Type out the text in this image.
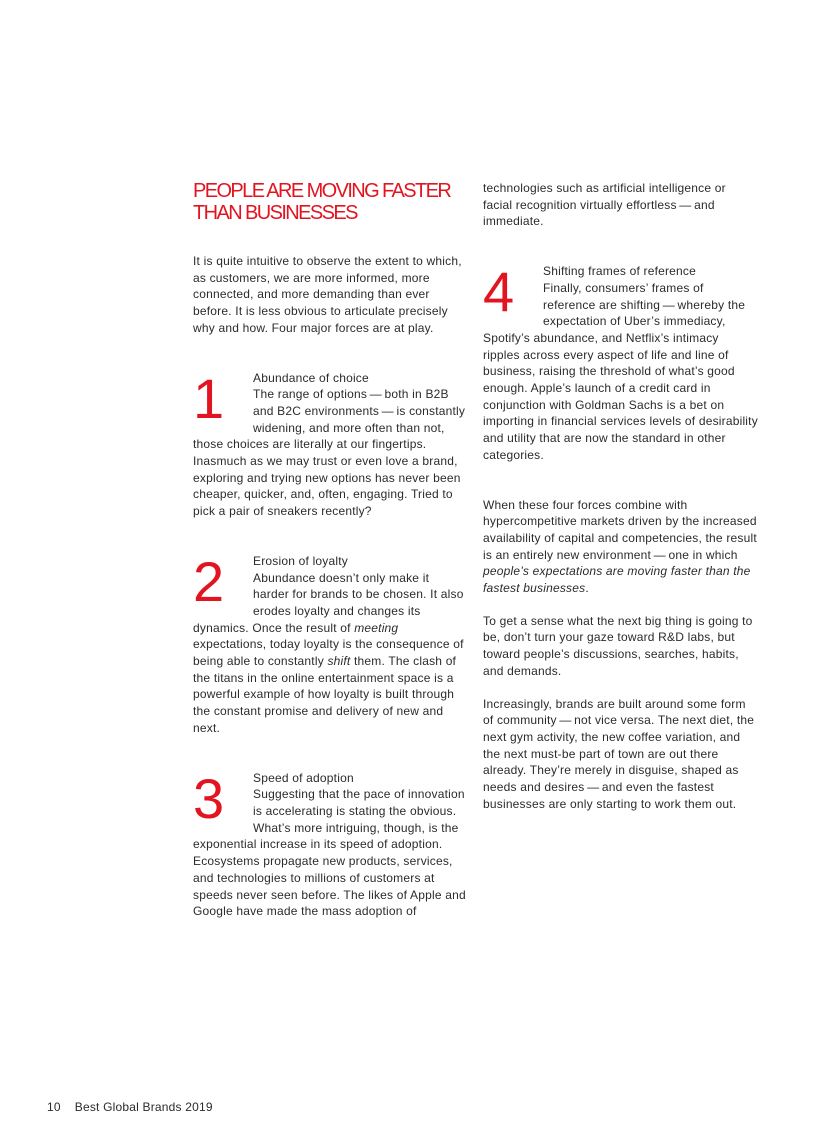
PEOPLE ARE MOVING FASTER
THAN BUSINESSES

It is quite intuitive to observe the extent to which, as customers, we are more informed, more connected, and more demanding than ever before. It is less obvious to articulate precisely why and how. Four major forces are at play.

1	Abundance of choice
The range of options — both in B2B and B2C environments — is constantly widening, and more often than not, those choices are literally at our fingertips. Inasmuch as we may trust or even love a brand, exploring and trying new options has never been cheaper, quicker, and, often, engaging. Tried to pick a pair of sneakers recently?

2	Erosion of loyalty
Abundance doesn’t only make it harder for brands to be chosen. It also erodes loyalty and changes its dynamics. Once the result of meeting expectations, today loyalty is the consequence of being able to constantly shift them. The clash of the titans in the online entertainment space is a powerful example of how loyalty is built through the constant promise and delivery of new and next.

3	Speed of adoption
Suggesting that the pace of innovation is accelerating is stating the obvious. What’s more intriguing, though, is the exponential increase in its speed of adoption. Ecosystems propagate new products, services, and technologies to millions of customers at speeds never seen before. The likes of Apple and Google have made the mass adoption of

technologies such as artificial intelligence or facial recognition virtually effortless — and immediate.

4	Shifting frames of reference
Finally, consumers’ frames of reference are shifting — whereby the expectation of Uber’s immediacy, Spotify’s abundance, and Netflix’s intimacy ripples across every aspect of life and line of business, raising the threshold of what’s good enough. Apple’s launch of a credit card in conjunction with Goldman Sachs is a bet on importing in financial services levels of desirability and utility that are now the standard in other categories.

When these four forces combine with hypercompetitive markets driven by the increased availability of capital and competencies, the result is an entirely new environment — one in which people’s expectations are moving faster than the fastest businesses.

To get a sense what the next big thing is going to be, don’t turn your gaze toward R&D labs, but toward people’s discussions, searches, habits, and demands.

Increasingly, brands are built around some form of community — not vice versa. The next diet, the next gym activity, the new coffee variation, and the next must-be part of town are out there already. They’re merely in disguise, shaped as needs and desires — and even the fastest businesses are only starting to work them out.

10 Best Global Brands 2019
